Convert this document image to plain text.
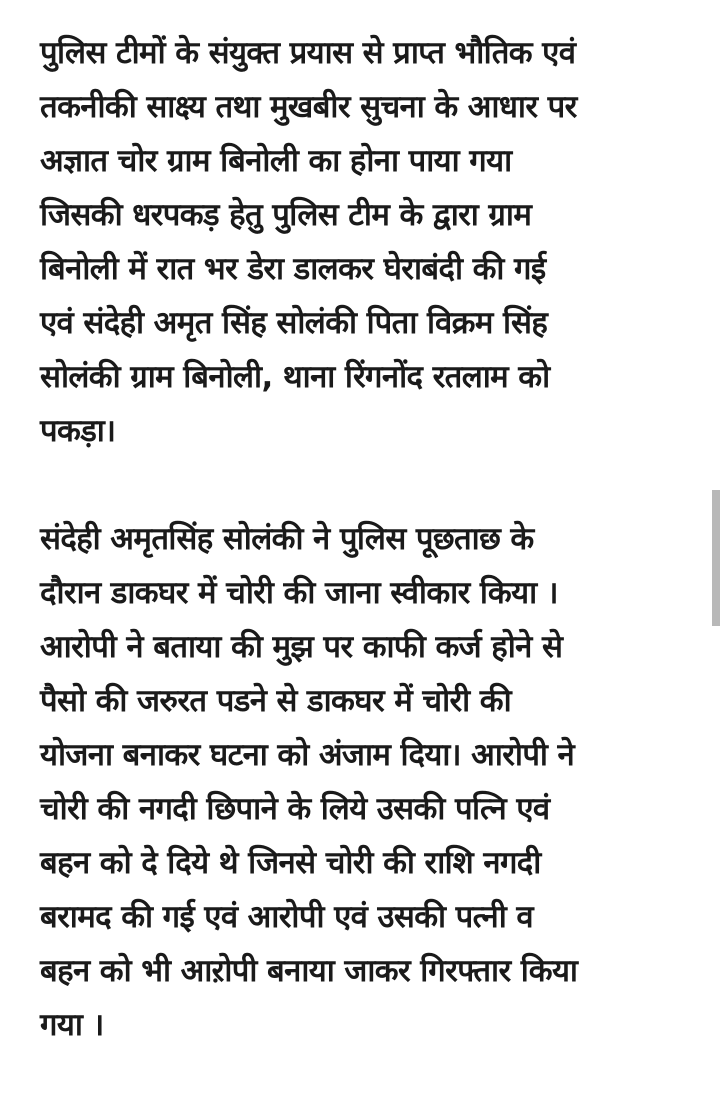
पुलिस टीमों के संयुक्त प्रयास से प्राप्त भौतिक एवं
तकनीकी साक्ष्य तथा मुखबीर सुचना के आधार पर
अज्ञात चोर ग्राम बिनोली का होना पाया गया
जिसकी धरपकड़ हेतु पुलिस टीम के द्वारा ग्राम
बिनोली में रात भर डेरा डालकर घेराबंदी की गई
एवं संदेही अमृत सिंह सोलंकी पिता विक्रम सिंह
सोलंकी ग्राम बिनोली, थाना रिंगनोंद रतलाम को
पकड़ा।

संदेही अमृतसिंह सोलंकी ने पुलिस पूछताछ के
दौरान डाकघर में चोरी की जाना स्वीकार किया ।
आरोपी ने बताया की मुझ पर काफी कर्ज होने से
पैसो की जरुरत पडने से डाकघर में चोरी की
योजना बनाकर घटना को अंजाम दिया। आरोपी ने
चोरी की नगदी छिपाने के लिये उसकी पत्नि एवं
बहन को दे दिये थे जिनसे चोरी की राशि नगदी
बरामद की गई एवं आरोपी एवं उसकी पत्नी व
बहन को भी आऱोपी बनाया जाकर गिरफ्तार किया
गया ।
